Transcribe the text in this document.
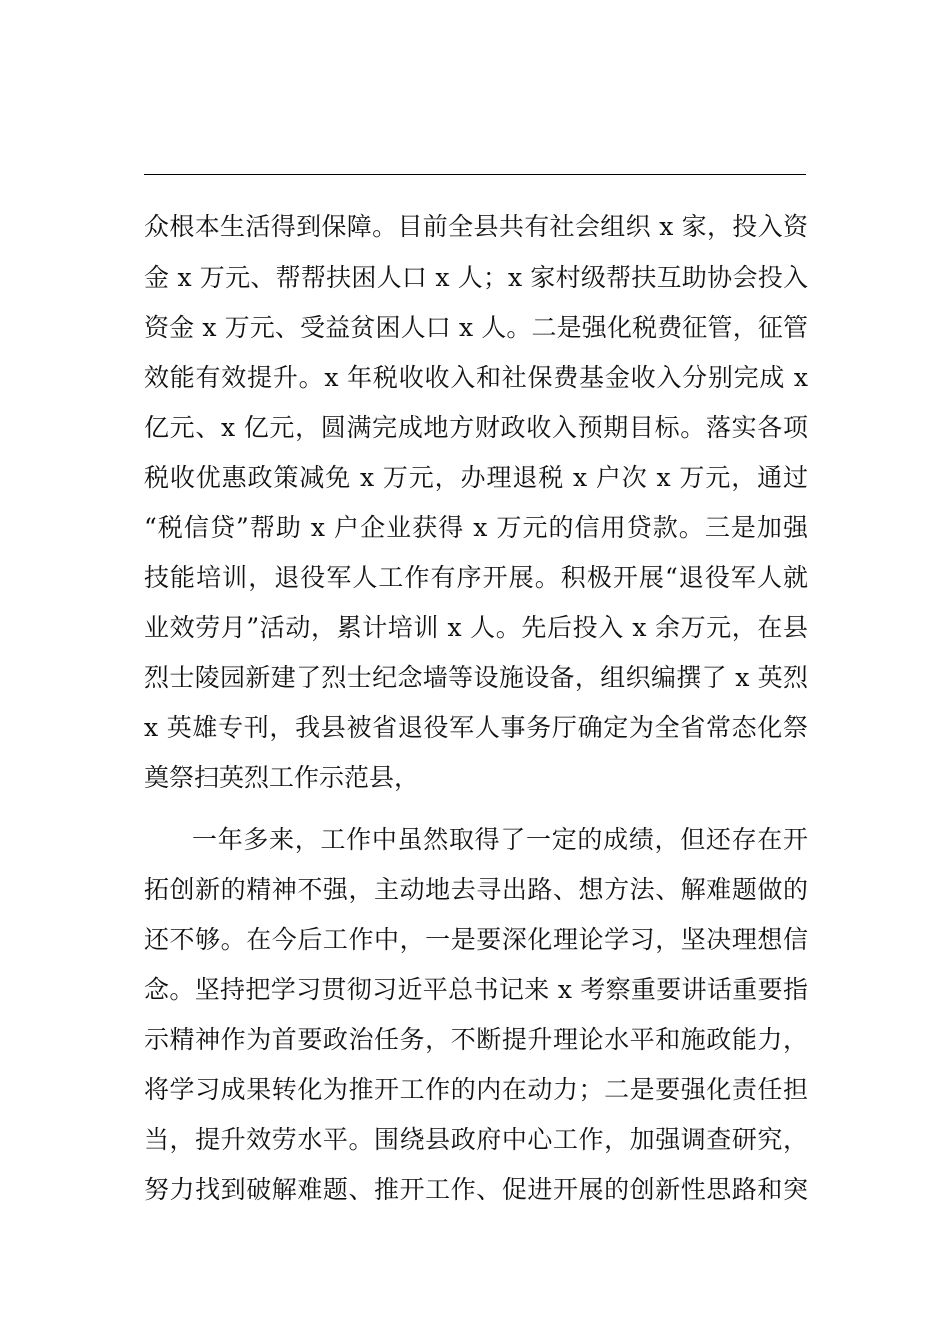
众根本生活得到保障。目前全县共有社会组织 x 家，投入资
金 x 万元、帮帮扶困人口 x 人；x 家村级帮扶互助协会投入
资金 x 万元、受益贫困人口 x 人。二是强化税费征管，征管
效能有效提升。x 年税收收入和社保费基金收入分别完成 x
亿元、x 亿元，圆满完成地方财政收入预期目标。落实各项
税收优惠政策减免 x 万元，办理退税 x 户次 x 万元，通过
“税信贷”帮助 x 户企业获得 x 万元的信用贷款。三是加强
技能培训，退役军人工作有序开展。积极开展“退役军人就
业效劳月”活动，累计培训 x 人。先后投入 x 余万元，在县
烈士陵园新建了烈士纪念墙等设施设备，组织编撰了 x 英烈
x 英雄专刊，我县被省退役军人事务厅确定为全省常态化祭
奠祭扫英烈工作示范县，
一年多来，工作中虽然取得了一定的成绩，但还存在开
拓创新的精神不强，主动地去寻出路、想方法、解难题做的
还不够。在今后工作中，一是要深化理论学习，坚决理想信
念。坚持把学习贯彻习近平总书记来 x 考察重要讲话重要指
示精神作为首要政治任务，不断提升理论水平和施政能力，
将学习成果转化为推开工作的内在动力；二是要强化责任担
当，提升效劳水平。围绕县政府中心工作，加强调查研究，
努力找到破解难题、推开工作、促进开展的创新性思路和突
